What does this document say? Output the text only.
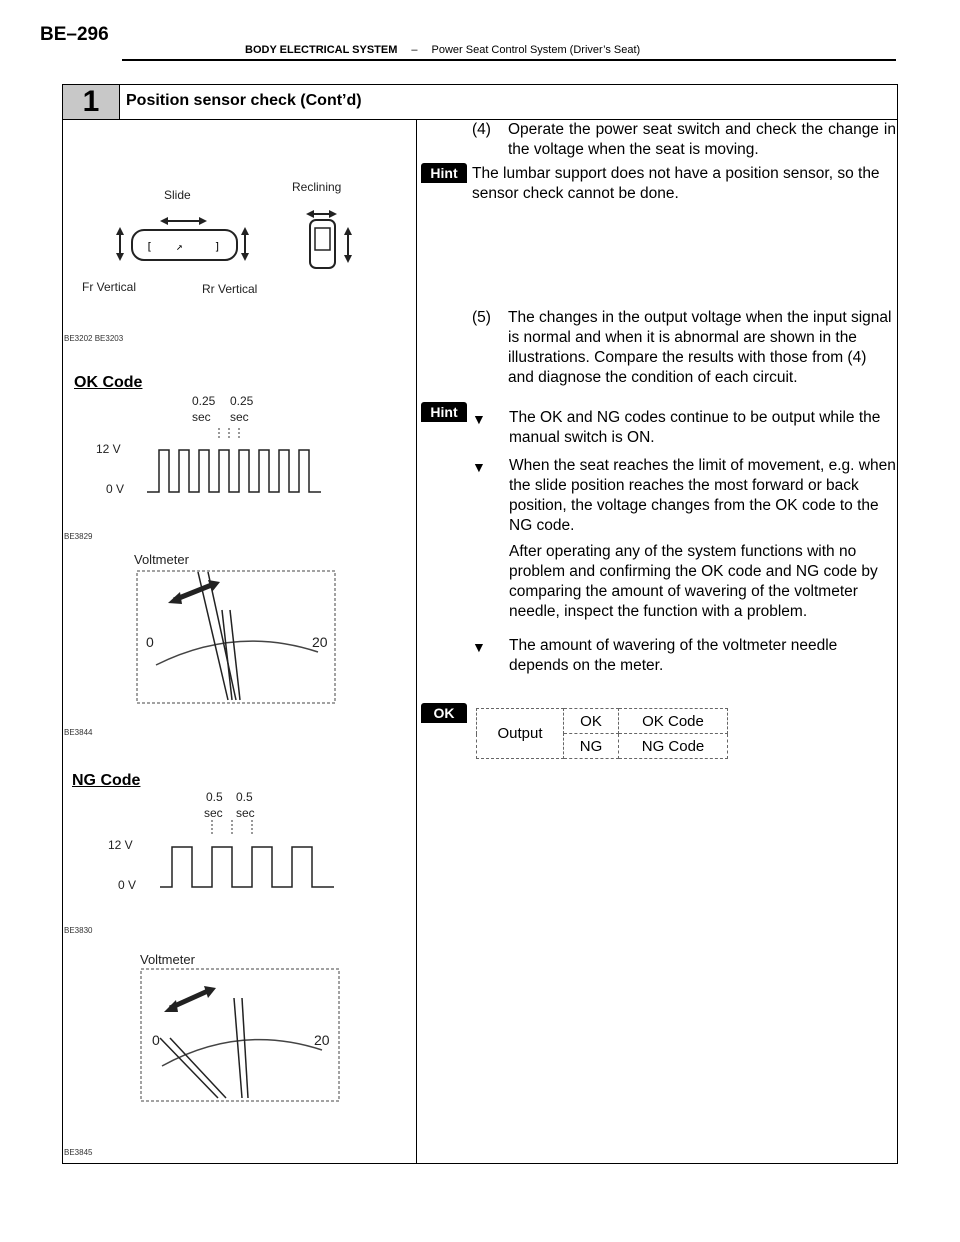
BE–296
BODY ELECTRICAL SYSTEM – Power Seat Control System (Driver’s Seat)
1	Position sensor check (Cont’d)
[ ↗	]
Slide
Reclining
Fr Vertical	Rr Vertical
BE3202 BE3203
OK Code
0.25 0.25
sec sec
12 V
0 V
BE3829
Voltmeter
0	20
BE3844
NG Code
0.5 0.5
sec sec
12 V
0 V
BE3830
Voltmeter
0	20
BE3845
(4)	Operate the power seat switch and check the change in the voltage when the seat is moving.
Hint The lumbar support does not have a position sensor, so the sensor check cannot be done.
(5)	The changes in the output voltage when the input signal is normal and when it is abnormal are shown in the illustrations. Compare the results with those from (4) and diagnose the condition of each circuit.
Hint	▼	The OK and NG codes continue to be output while the manual switch is ON.
▼	When the seat reaches the limit of movement, e.g. when the slide position reaches the most forward or back position, the voltage changes from the OK code to the NG code.
After operating any of the system functions with no problem and confirming the OK code and NG code by comparing the amount of wavering of the voltmeter needle, inspect the function with a problem.
▼	The amount of wavering of the voltmeter needle depends on the meter.
OK
Output	OK	OK Code
	NG	NG Code
